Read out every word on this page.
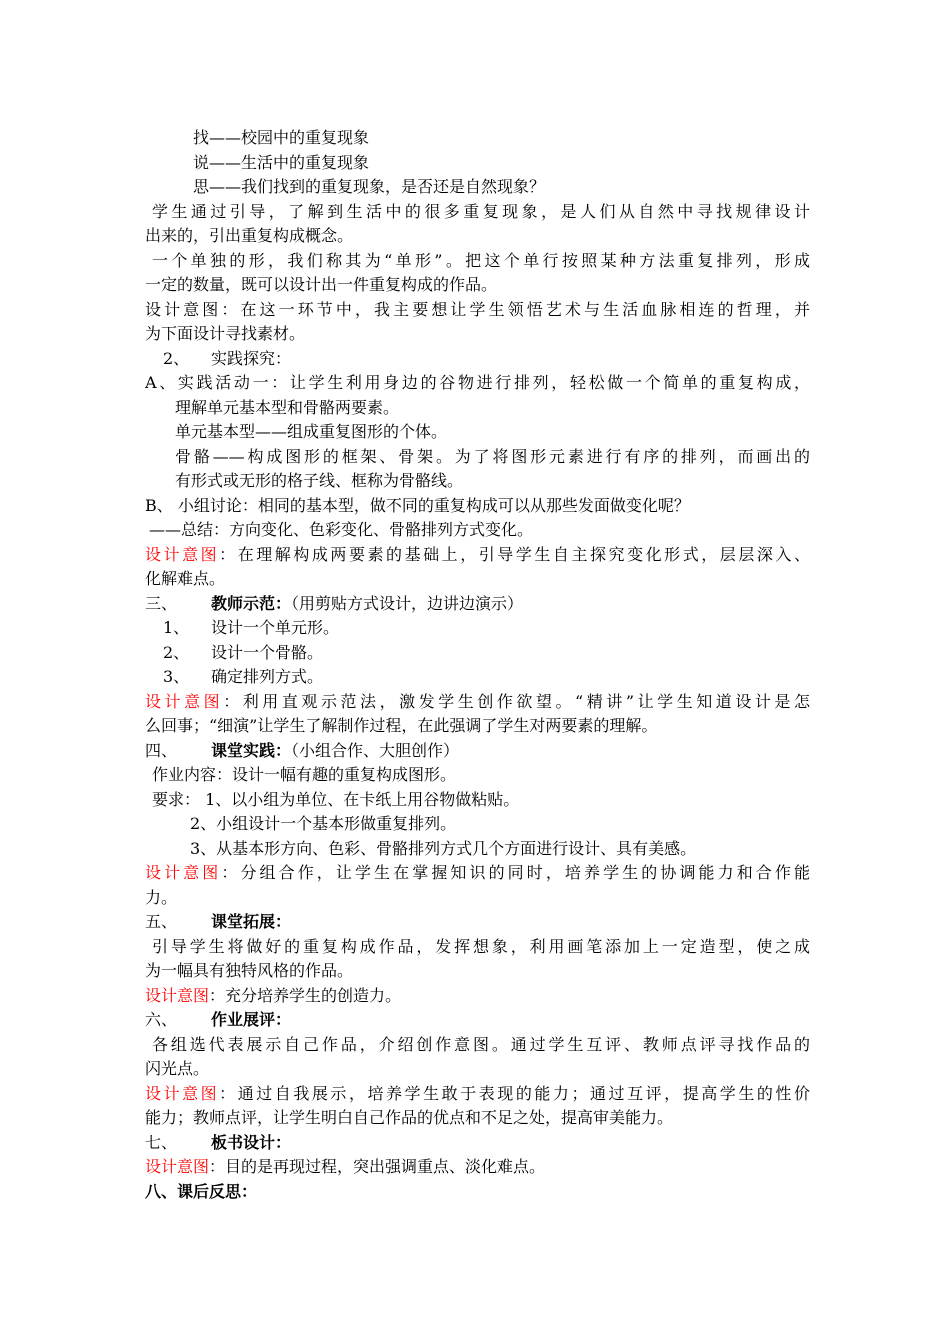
找——校园中的重复现象
说——生活中的重复现象
思——我们找到的重复现象，是否还是自然现象？
学生通过引导，了解到生活中的很多重复现象，是人们从自然中寻找规律设计
出来的，引出重复构成概念。
一个单独的形，我们称其为“单形”。把这个单行按照某种方法重复排列，形成
一定的数量，既可以设计出一件重复构成的作品。
设计意图：在这一环节中，我主要想让学生领悟艺术与生活血脉相连的哲理，并
为下面设计寻找素材。
2、 实践探究：
A、实践活动一：让学生利用身边的谷物进行排列，轻松做一个简单的重复构成，
理解单元基本型和骨骼两要素。
单元基本型——组成重复图形的个体。
骨骼——构成图形的框架、骨架。为了将图形元素进行有序的排列，而画出的
有形式或无形的格子线、框称为骨骼线。
B、 小组讨论：相同的基本型，做不同的重复构成可以从那些发面做变化呢？
——总结：方向变化、色彩变化、骨骼排列方式变化。
设计意图：在理解构成两要素的基础上，引导学生自主探究变化形式，层层深入、
化解难点。
三、 教师示范：（用剪贴方式设计，边讲边演示）
1、 设计一个单元形。
2、 设计一个骨骼。
3、 确定排列方式。
设计意图：利用直观示范法，激发学生创作欲望。“精讲”让学生知道设计是怎
么回事；“细演”让学生了解制作过程，在此强调了学生对两要素的理解。
四、 课堂实践：（小组合作、大胆创作）
作业内容：设计一幅有趣的重复构成图形。
要求： 1、以小组为单位、在卡纸上用谷物做粘贴。
2、小组设计一个基本形做重复排列。
3、从基本形方向、色彩、骨骼排列方式几个方面进行设计、具有美感。
设计意图：分组合作，让学生在掌握知识的同时，培养学生的协调能力和合作能
力。
五、 课堂拓展：
引导学生将做好的重复构成作品，发挥想象，利用画笔添加上一定造型，使之成
为一幅具有独特风格的作品。
设计意图：充分培养学生的创造力。
六、 作业展评：
各组选代表展示自己作品，介绍创作意图。通过学生互评、教师点评寻找作品的
闪光点。
设计意图：通过自我展示，培养学生敢于表现的能力；通过互评，提高学生的性价
能力；教师点评，让学生明白自己作品的优点和不足之处，提高审美能力。
七、 板书设计：
设计意图：目的是再现过程，突出强调重点、淡化难点。
八、课后反思：
